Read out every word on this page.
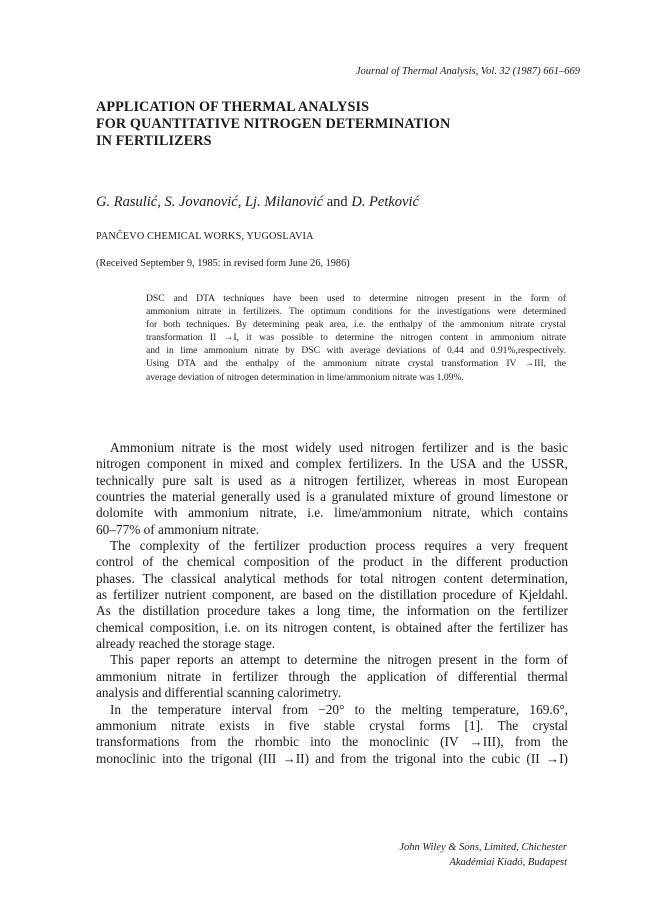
Journal of Thermal Analysis, Vol. 32 (1987) 661–669
APPLICATION OF THERMAL ANALYSIS
FOR QUANTITATIVE NITROGEN DETERMINATION
IN FERTILIZERS
G. Rasulić, S. Jovanović, Lj. Milanović and D. Petković
PANČEVO CHEMICAL WORKS, YUGOSLAVIA
(Received September 9, 1985: in revised form June 26, 1986)
DSC and DTA techniques have been used to determine nitrogen present in the form of
ammonium nitrate in fertilizers. The optimum conditions for the investigations were determined
for both techniques. By determining peak area, i.e. the enthalpy of the ammonium nitrate crystal
transformation II →I, it was possible to determine the nitrogen content in ammonium nitrate
and in lime ammonium nitrate by DSC with average deviations of 0.44 and 0.91%,respectively.
Using DTA and the enthalpy of the ammonium nitrate crystal transformation IV →III, the
average deviation of nitrogen determination in lime/ammonium nitrate was 1.09%.

Ammonium nitrate is the most widely used nitrogen fertilizer and is the basic
nitrogen component in mixed and complex fertilizers. In the USA and the USSR,
technically pure salt is used as a nitrogen fertilizer, whereas in most European
countries the material generally used is a granulated mixture of ground limestone or
dolomite with ammonium nitrate, i.e. lime/ammonium nitrate, which contains
60–77% of ammonium nitrate.

The complexity of the fertilizer production process requires a very frequent
control of the chemical composition of the product in the different production
phases. The classical analytical methods for total nitrogen content determination,
as fertilizer nutrient component, are based on the distillation procedure of Kjeldahl.
As the distillation procedure takes a long time, the information on the fertilizer
chemical composition, i.e. on its nitrogen content, is obtained after the fertilizer has
already reached the storage stage.

This paper reports an attempt to determine the nitrogen present in the form of
ammonium nitrate in fertilizer through the application of differential thermal
analysis and differential scanning calorimetry.

In the temperature interval from −20° to the melting temperature, 169.6°,
ammonium nitrate exists in five stable crystal forms [1]. The crystal
transformations from the rhombic into the monoclinic (IV →III), from the
monoclinic into the trigonal (III →II) and from the trigonal into the cubic (II →I)

John Wiley & Sons, Limited, Chichester
Akadémiai Kiadó, Budapest
